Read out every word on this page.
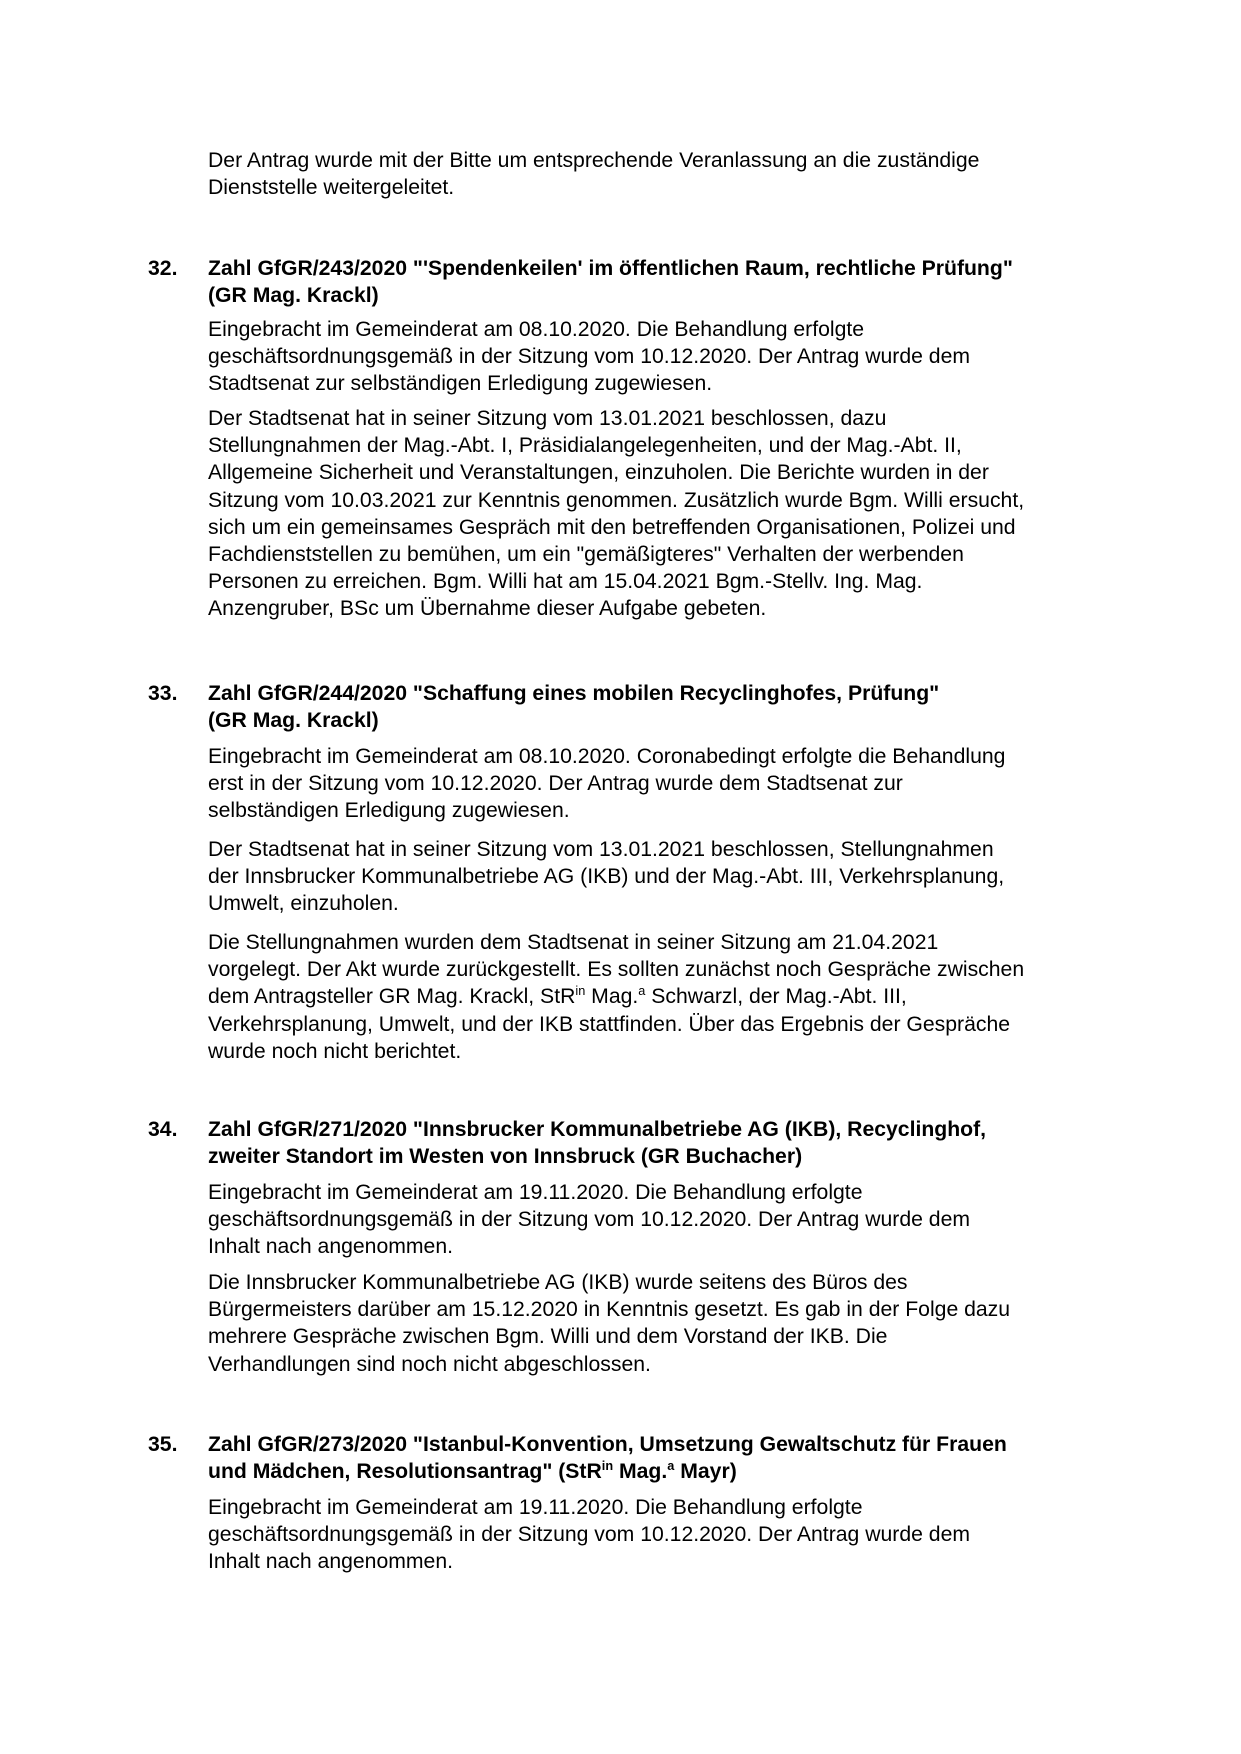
Der Antrag wurde mit der Bitte um entsprechende Veranlassung an die zuständige
Dienststelle weitergeleitet.
32. Zahl GfGR/243/2020 "'Spendenkeilen' im öffentlichen Raum, rechtliche Prüfung"
(GR Mag. Krackl)
Eingebracht im Gemeinderat am 08.10.2020. Die Behandlung erfolgte
geschäftsordnungsgemäß in der Sitzung vom 10.12.2020. Der Antrag wurde dem
Stadtsenat zur selbständigen Erledigung zugewiesen.
Der Stadtsenat hat in seiner Sitzung vom 13.01.2021 beschlossen, dazu
Stellungnahmen der Mag.-Abt. I, Präsidialangelegenheiten, und der Mag.-Abt. II,
Allgemeine Sicherheit und Veranstaltungen, einzuholen. Die Berichte wurden in der
Sitzung vom 10.03.2021 zur Kenntnis genommen. Zusätzlich wurde Bgm. Willi ersucht,
sich um ein gemeinsames Gespräch mit den betreffenden Organisationen, Polizei und
Fachdienststellen zu bemühen, um ein "gemäßigteres" Verhalten der werbenden
Personen zu erreichen. Bgm. Willi hat am 15.04.2021 Bgm.-Stellv. Ing. Mag.
Anzengruber, BSc um Übernahme dieser Aufgabe gebeten.
33. Zahl GfGR/244/2020 "Schaffung eines mobilen Recyclinghofes, Prüfung"
(GR Mag. Krackl)
Eingebracht im Gemeinderat am 08.10.2020. Coronabedingt erfolgte die Behandlung
erst in der Sitzung vom 10.12.2020. Der Antrag wurde dem Stadtsenat zur
selbständigen Erledigung zugewiesen.
Der Stadtsenat hat in seiner Sitzung vom 13.01.2021 beschlossen, Stellungnahmen
der Innsbrucker Kommunalbetriebe AG (IKB) und der Mag.-Abt. III, Verkehrsplanung,
Umwelt, einzuholen.
Die Stellungnahmen wurden dem Stadtsenat in seiner Sitzung am 21.04.2021
vorgelegt. Der Akt wurde zurückgestellt. Es sollten zunächst noch Gespräche zwischen
dem Antragsteller GR Mag. Krackl, StR$^{in}$ Mag.$^a$ Schwarzl, der Mag.-Abt. III,
Verkehrsplanung, Umwelt, und der IKB stattfinden. Über das Ergebnis der Gespräche
wurde noch nicht berichtet.
34. Zahl GfGR/271/2020 "Innsbrucker Kommunalbetriebe AG (IKB), Recyclinghof,
zweiter Standort im Westen von Innsbruck (GR Buchacher)
Eingebracht im Gemeinderat am 19.11.2020. Die Behandlung erfolgte
geschäftsordnungsgemäß in der Sitzung vom 10.12.2020. Der Antrag wurde dem
Inhalt nach angenommen.
Die Innsbrucker Kommunalbetriebe AG (IKB) wurde seitens des Büros des
Bürgermeisters darüber am 15.12.2020 in Kenntnis gesetzt. Es gab in der Folge dazu
mehrere Gespräche zwischen Bgm. Willi und dem Vorstand der IKB. Die
Verhandlungen sind noch nicht abgeschlossen.
35. Zahl GfGR/273/2020 "Istanbul-Konvention, Umsetzung Gewaltschutz für Frauen
und Mädchen, Resolutionsantrag" (StR$^{in}$ Mag.$^a$ Mayr)
Eingebracht im Gemeinderat am 19.11.2020. Die Behandlung erfolgte
geschäftsordnungsgemäß in der Sitzung vom 10.12.2020. Der Antrag wurde dem
Inhalt nach angenommen.
